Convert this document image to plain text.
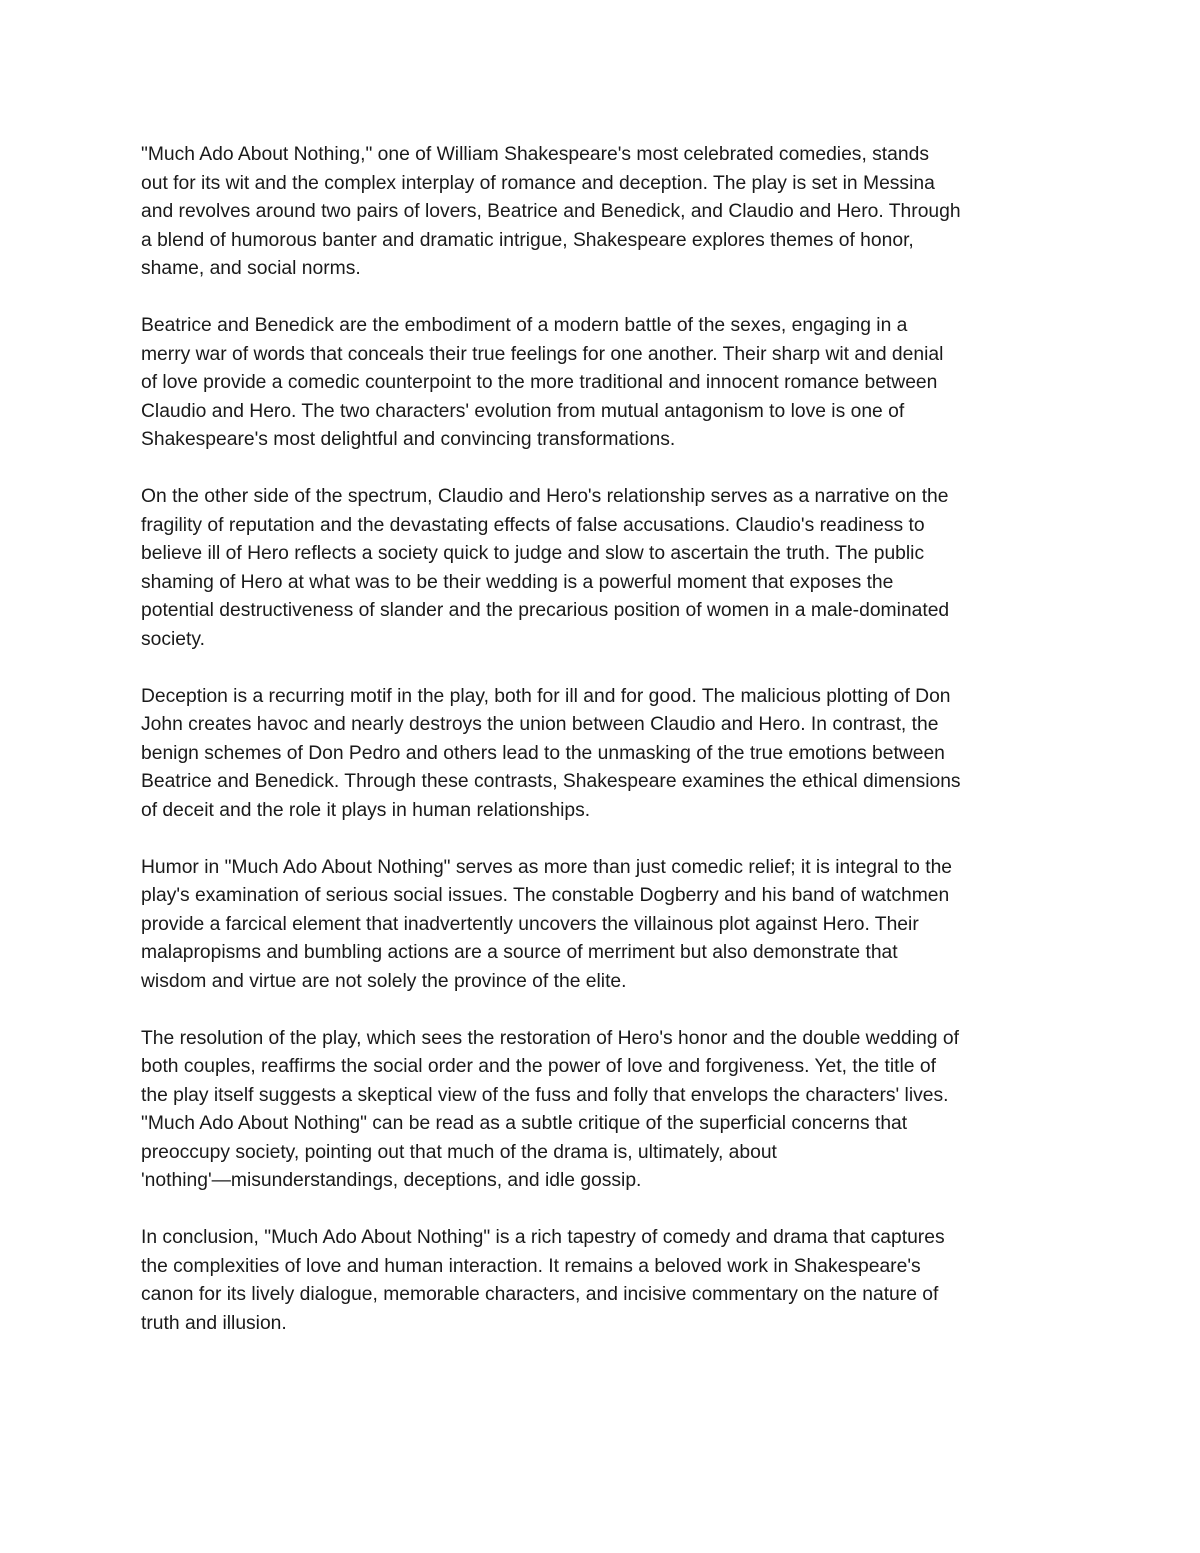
"Much Ado About Nothing," one of William Shakespeare's most celebrated comedies, stands
out for its wit and the complex interplay of romance and deception. The play is set in Messina
and revolves around two pairs of lovers, Beatrice and Benedick, and Claudio and Hero. Through
a blend of humorous banter and dramatic intrigue, Shakespeare explores themes of honor,
shame, and social norms.

Beatrice and Benedick are the embodiment of a modern battle of the sexes, engaging in a
merry war of words that conceals their true feelings for one another. Their sharp wit and denial
of love provide a comedic counterpoint to the more traditional and innocent romance between
Claudio and Hero. The two characters' evolution from mutual antagonism to love is one of
Shakespeare's most delightful and convincing transformations.

On the other side of the spectrum, Claudio and Hero's relationship serves as a narrative on the
fragility of reputation and the devastating effects of false accusations. Claudio's readiness to
believe ill of Hero reflects a society quick to judge and slow to ascertain the truth. The public
shaming of Hero at what was to be their wedding is a powerful moment that exposes the
potential destructiveness of slander and the precarious position of women in a male-dominated
society.

Deception is a recurring motif in the play, both for ill and for good. The malicious plotting of Don
John creates havoc and nearly destroys the union between Claudio and Hero. In contrast, the
benign schemes of Don Pedro and others lead to the unmasking of the true emotions between
Beatrice and Benedick. Through these contrasts, Shakespeare examines the ethical dimensions
of deceit and the role it plays in human relationships.

Humor in "Much Ado About Nothing" serves as more than just comedic relief; it is integral to the
play's examination of serious social issues. The constable Dogberry and his band of watchmen
provide a farcical element that inadvertently uncovers the villainous plot against Hero. Their
malapropisms and bumbling actions are a source of merriment but also demonstrate that
wisdom and virtue are not solely the province of the elite.

The resolution of the play, which sees the restoration of Hero's honor and the double wedding of
both couples, reaffirms the social order and the power of love and forgiveness. Yet, the title of
the play itself suggests a skeptical view of the fuss and folly that envelops the characters' lives.
"Much Ado About Nothing" can be read as a subtle critique of the superficial concerns that
preoccupy society, pointing out that much of the drama is, ultimately, about
'nothing'—misunderstandings, deceptions, and idle gossip.

In conclusion, "Much Ado About Nothing" is a rich tapestry of comedy and drama that captures
the complexities of love and human interaction. It remains a beloved work in Shakespeare's
canon for its lively dialogue, memorable characters, and incisive commentary on the nature of
truth and illusion.
